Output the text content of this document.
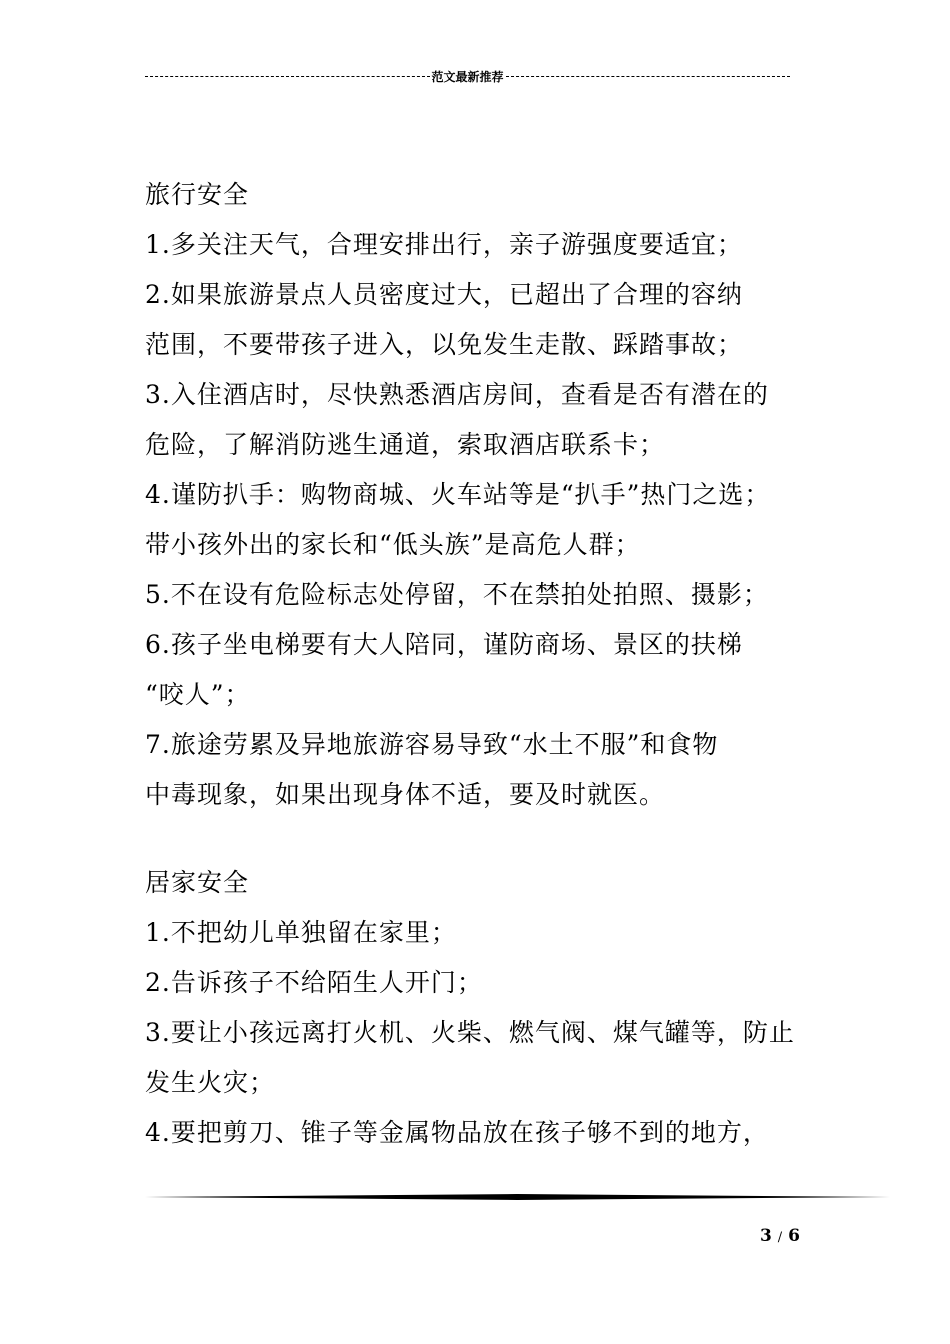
范文最新推荐
旅行安全
1.多关注天气，合理安排出行，亲子游强度要适宜；
2.如果旅游景点人员密度过大，已超出了合理的容纳
范围，不要带孩子进入，以免发生走散、踩踏事故；
3.入住酒店时，尽快熟悉酒店房间，查看是否有潜在的
危险，了解消防逃生通道，索取酒店联系卡；
4.谨防扒手：购物商城、火车站等是“扒手”热门之选；
带小孩外出的家长和“低头族”是高危人群；
5.不在设有危险标志处停留，不在禁拍处拍照、摄影；
6.孩子坐电梯要有大人陪同，谨防商场、景区的扶梯
“咬人”；
7.旅途劳累及异地旅游容易导致“水土不服”和食物
中毒现象，如果出现身体不适，要及时就医。
居家安全
1.不把幼儿单独留在家里；
2.告诉孩子不给陌生人开门；
3.要让小孩远离打火机、火柴、燃气阀、煤气罐等，防止
发生火灾；
4.要把剪刀、锥子等金属物品放在孩子够不到的地方，
3 / 6
